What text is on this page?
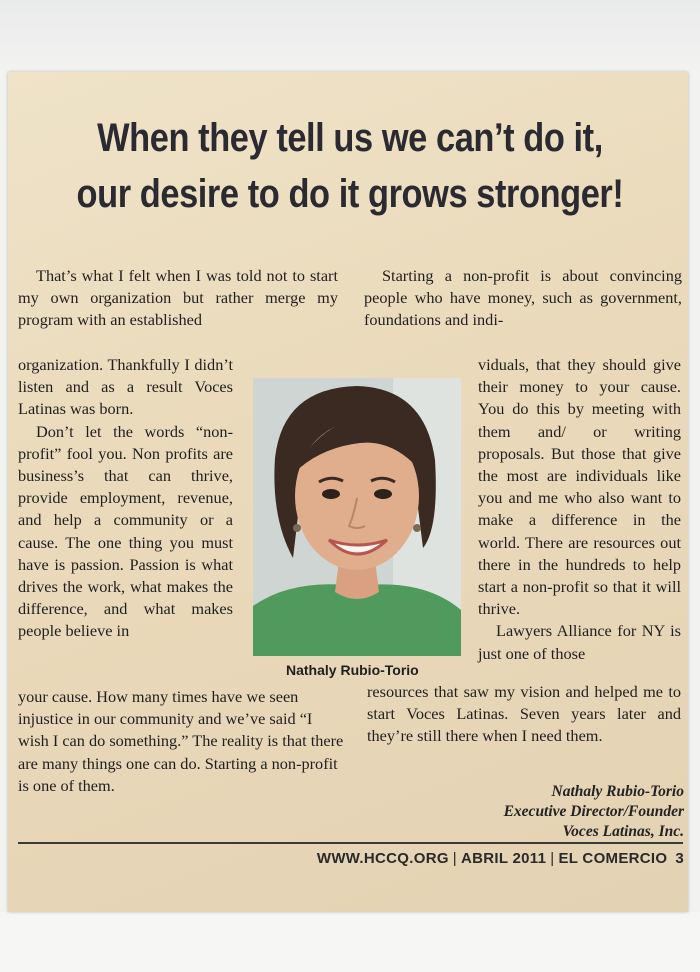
When they tell us we can’t do it,
our desire to do it grows stronger!

That’s what I felt when I was told not to start my own organization but rather merge my program with an established

organization. Thankfully I didn’t listen and as a result Voces Latinas was born.

Don’t let the words “non-profit” fool you. Non profits are business’s that can thrive, provide employment, revenue, and help a community or a cause. The one thing you must have is passion. Passion is what drives the work, what makes the difference, and what makes people believe in

your cause. How many times have we seen injustice in our community and we’ve said “I wish I can do something.” The reality is that there are many things one can do. Starting a non-profit is one of them.

Starting a non-profit is about convincing people who have money, such as government, foundations and indi-

viduals, that they should give their money to your cause. You do this by meeting with them and/ or writing proposals. But those that give the most are individuals like you and me who also want to make a difference in the world. There are resources out there in the hundreds to help start a non-profit so that it will thrive.

Lawyers Alliance for NY is just one of those

resources that saw my vision and helped me to start Voces Latinas. Seven years later and they’re still there when I need them.

Nathaly Rubio-Torio
Nathaly Rubio-Torio
Executive Director/Founder
Voces Latinas, Inc.
WWW.HCCQ.ORG | ABRIL 2011 | EL COMERCIO 3
